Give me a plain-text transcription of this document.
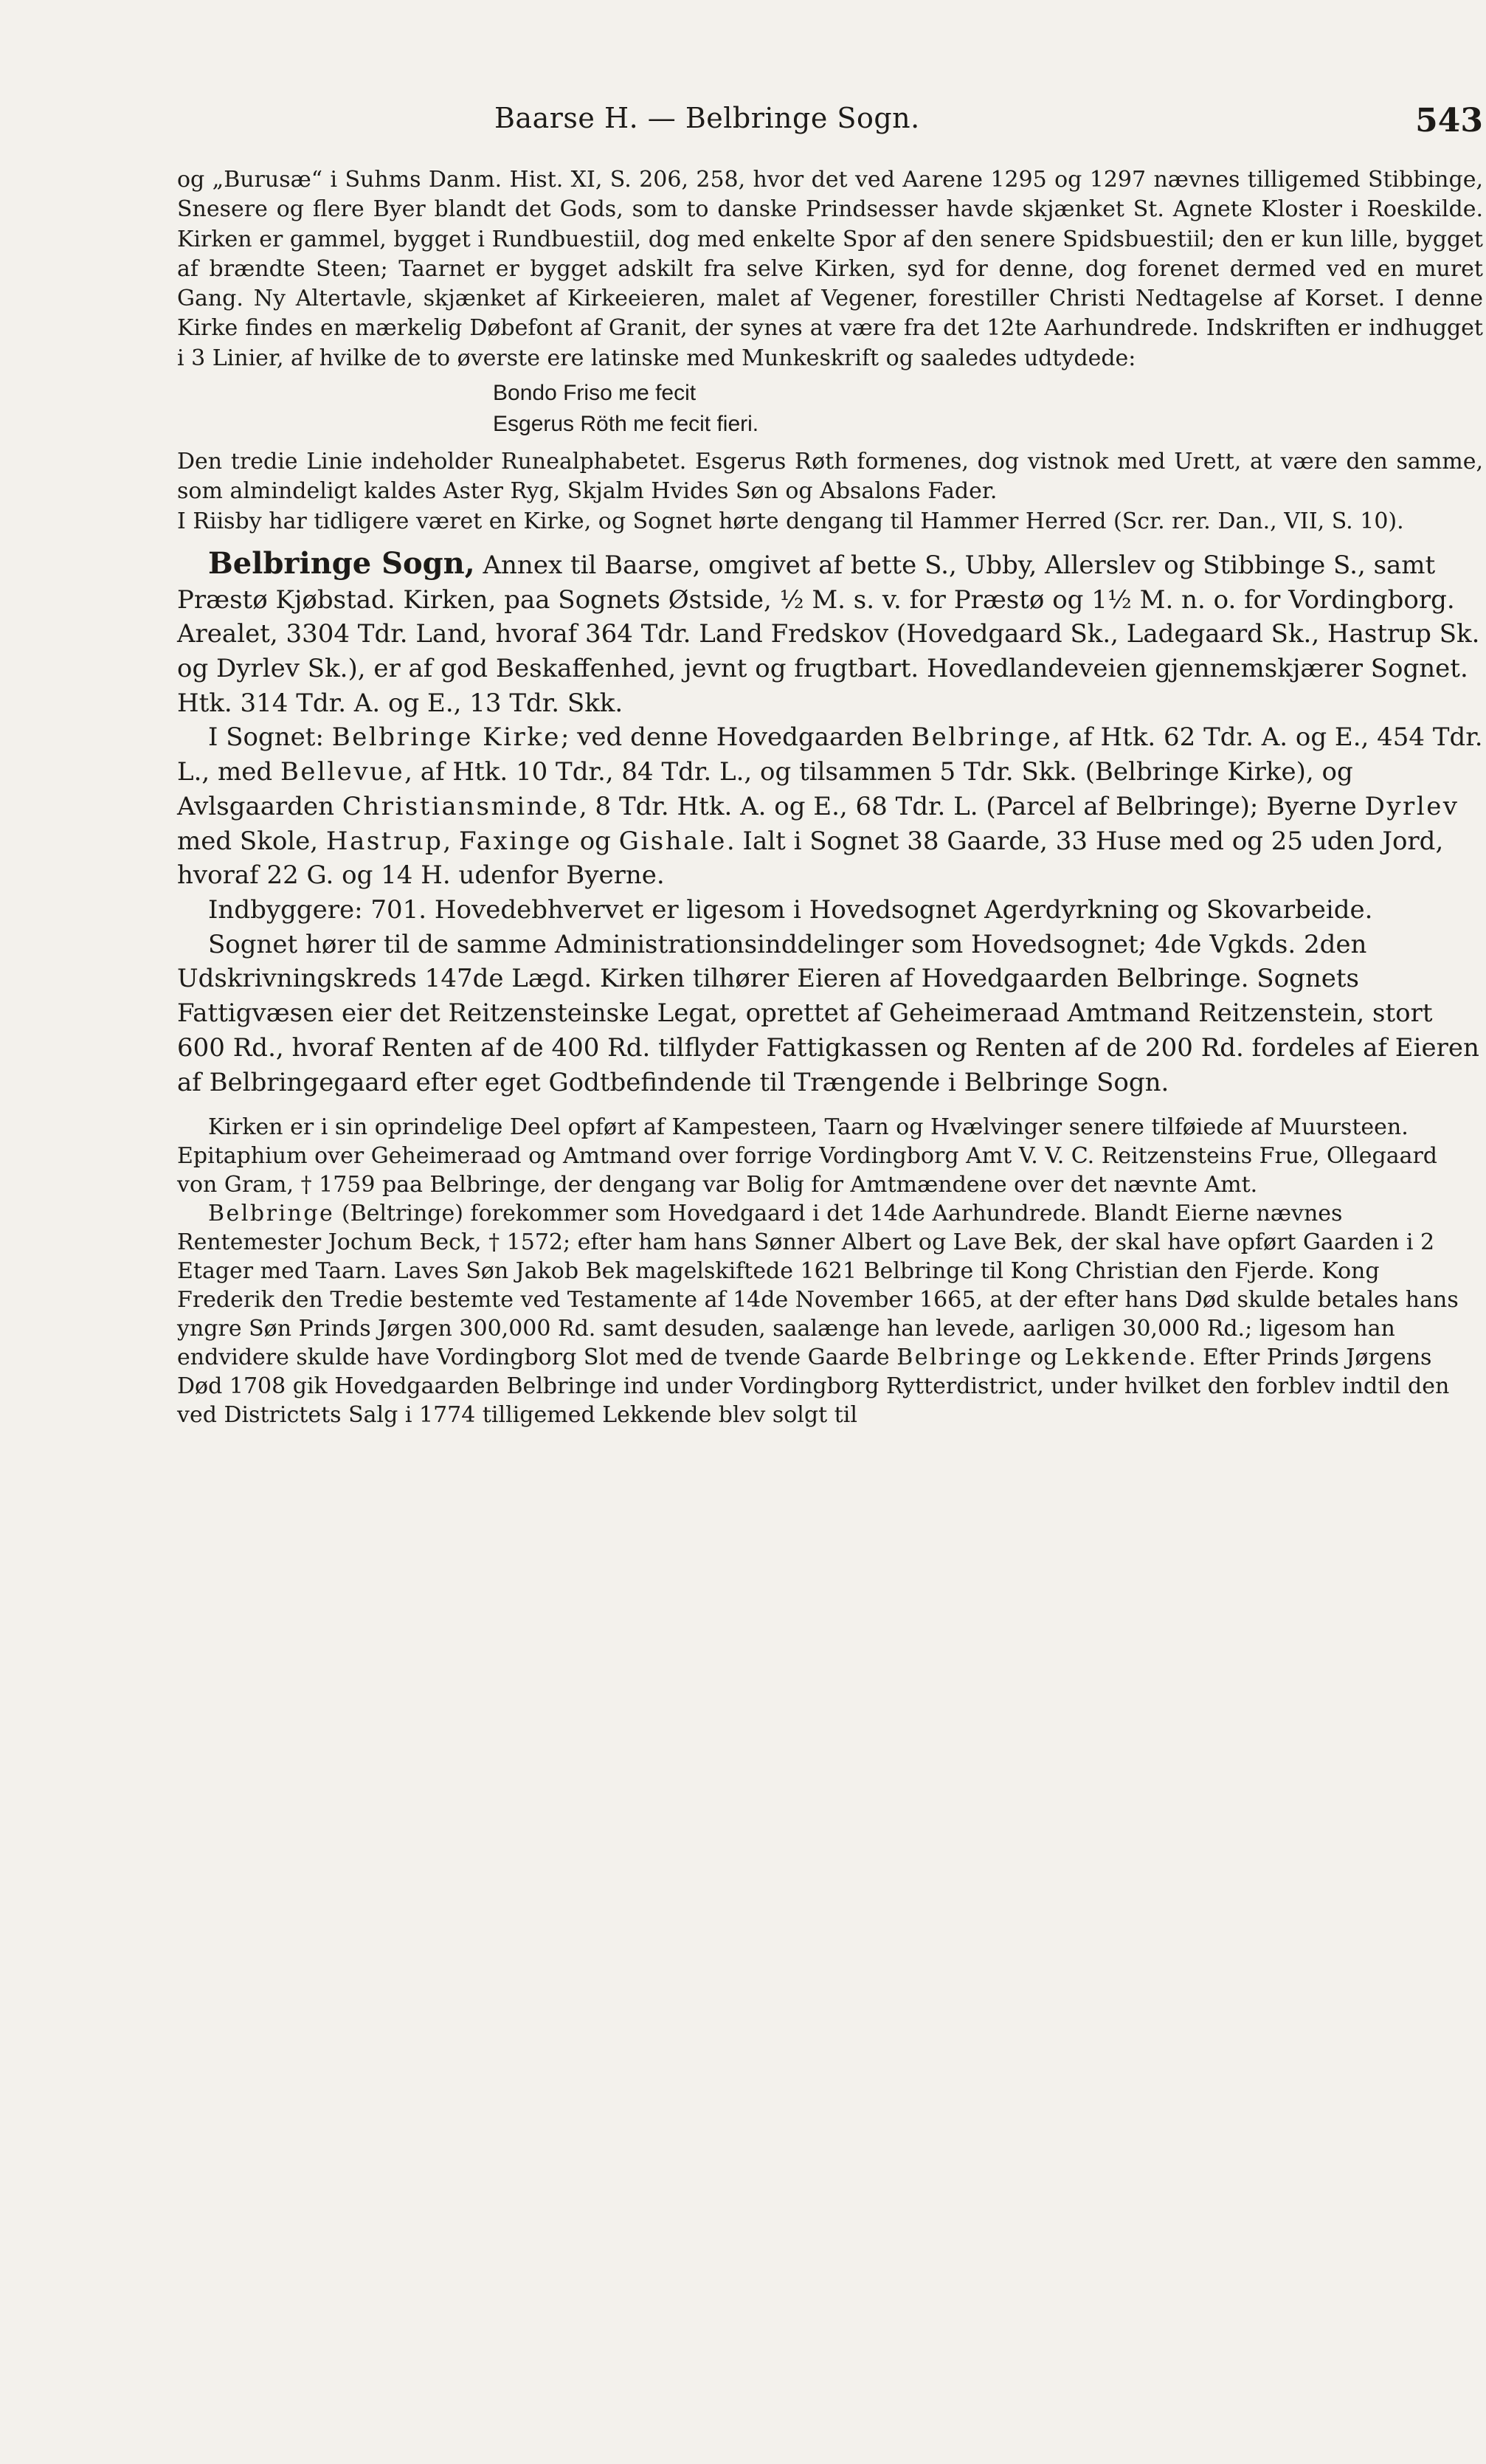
Baarse H. — Belbringe Sogn.	543

og „Burusæ“ i Suhms Danm. Hist. XI, S. 206, 258, hvor det ved Aarene 1295 og 1297 nævnes tilligemed Stibbinge, Snesere og flere Byer blandt det Gods, som to danske Prindsesser havde skjænket St. Agnete Kloster i Roeskilde. Kirken er gammel, bygget i Rundbuestiil, dog med enkelte Spor af den senere Spidsbuestiil; den er kun lille, bygget af brændte Steen; Taarnet er bygget adskilt fra selve Kirken, syd for denne, dog forenet dermed ved en muret Gang. Ny Altertavle, skjænket af Kirkeeieren, malet af Vegener, forestiller Christi Nedtagelse af Korset. I denne Kirke findes en mærkelig Døbefont af Granit, der synes at være fra det 12te Aarhundrede. Indskriften er indhugget i 3 Linier, af hvilke de to øverste ere latinske med Munkeskrift og saaledes udtydede:

Bondo Friso me fecit
Esgerus Röth me fecit fieri.

Den tredie Linie indeholder Runealphabetet. Esgerus Røth formenes, dog vistnok med Urett, at være den samme, som almindeligt kaldes Aster Ryg, Skjalm Hvides Søn og Absalons Fader.

I Riisby har tidligere været en Kirke, og Sognet hørte dengang til Hammer Herred (Scr. rer. Dan., VII, S. 10).

Belbringe Sogn, Annex til Baarse, omgivet af bette S., Ubby, Allerslev og Stibbinge S., samt Præstø Kjøbstad. Kirken, paa Sognets Østside, ½ M. s. v. for Præstø og 1½ M. n. o. for Vordingborg. Arealet, 3304 Tdr. Land, hvoraf 364 Tdr. Land Fredskov (Hovedgaard Sk., Ladegaard Sk., Hastrup Sk. og Dyrlev Sk.), er af god Beskaffenhed, jevnt og frugtbart. Hovedlandeveien gjennemskjærer Sognet. Htk. 314 Tdr. A. og E., 13 Tdr. Skk.

I Sognet: Belbringe Kirke; ved denne Hovedgaarden Belbringe, af Htk. 62 Tdr. A. og E., 454 Tdr. L., med Bellevue, af Htk. 10 Tdr., 84 Tdr. L., og tilsammen 5 Tdr. Skk. (Belbringe Kirke), og Avlsgaarden Christiansminde, 8 Tdr. Htk. A. og E., 68 Tdr. L. (Parcel af Belbringe); Byerne Dyrlev med Skole, Hastrup, Faxinge og Gishale. Ialt i Sognet 38 Gaarde, 33 Huse med og 25 uden Jord, hvoraf 22 G. og 14 H. udenfor Byerne.

Indbyggere: 701. Hovedebhvervet er ligesom i Hovedsognet Agerdyrkning og Skovarbeide.

Sognet hører til de samme Administrationsinddelinger som Hovedsognet; 4de Vgkds. 2den Udskrivningskreds 147de Lægd. Kirken tilhører Eieren af Hovedgaarden Belbringe. Sognets Fattigvæsen eier det Reitzensteinske Legat, oprettet af Geheimeraad Amtmand Reitzenstein, stort 600 Rd., hvoraf Renten af de 400 Rd. tilflyder Fattigkassen og Renten af de 200 Rd. fordeles af Eieren af Belbringegaard efter eget Godtbefindende til Trængende i Belbringe Sogn.

Kirken er i sin oprindelige Deel opført af Kampesteen, Taarn og Hvælvinger senere tilføiede af Muursteen. Epitaphium over Geheimeraad og Amtmand over forrige Vordingborg Amt V. V. C. Reitzensteins Frue, Ollegaard von Gram, † 1759 paa Belbringe, der dengang var Bolig for Amtmændene over det nævnte Amt.

Belbringe (Beltringe) forekommer som Hovedgaard i det 14de Aarhundrede. Blandt Eierne nævnes Rentemester Jochum Beck, † 1572; efter ham hans Sønner Albert og Lave Bek, der skal have opført Gaarden i 2 Etager med Taarn. Laves Søn Jakob Bek magelskiftede 1621 Belbringe til Kong Christian den Fjerde. Kong Frederik den Tredie bestemte ved Testamente af 14de November 1665, at der efter hans Død skulde betales hans yngre Søn Prinds Jørgen 300,000 Rd. samt desuden, saalænge han levede, aarligen 30,000 Rd.; ligesom han endvidere skulde have Vordingborg Slot med de tvende Gaarde Belbringe og Lekkende. Efter Prinds Jørgens Død 1708 gik Hovedgaarden Belbringe ind under Vordingborg Rytterdistrict, under hvilket den forblev indtil den ved Districtets Salg i 1774 tilligemed Lekkende blev solgt til
